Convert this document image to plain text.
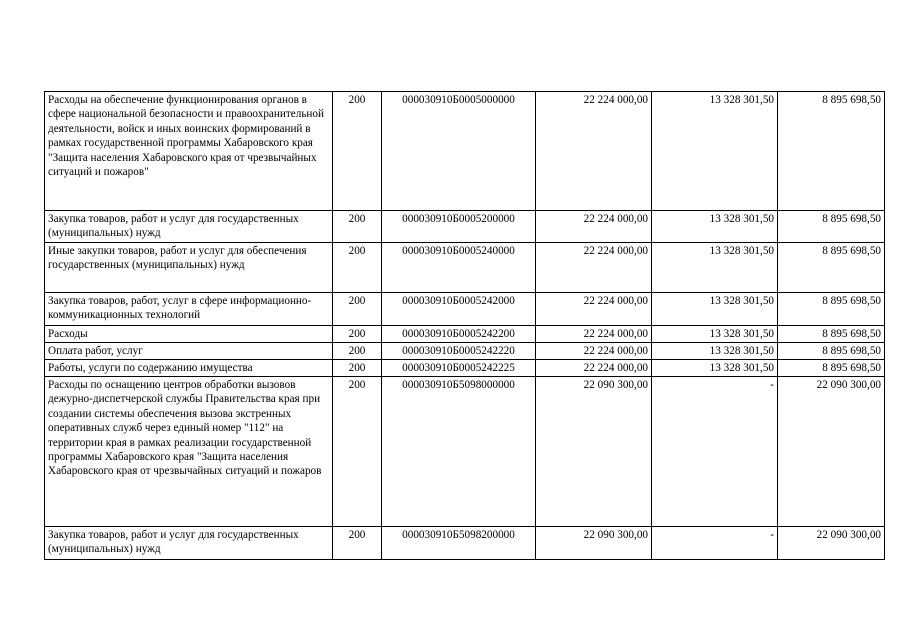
Расходы на обеспечение функционирования органов в сфере национальной безопасности и правоохранительной деятельности, войск и иных воинских формирований в рамках государственной программы Хабаровского края "Защита населения Хабаровского края от чрезвычайных ситуаций и пожаров"	200	000030910Б0005000000	22 224 000,00	13 328 301,50	8 895 698,50
Закупка товаров, работ и услуг для государственных (муниципальных) нужд	200	000030910Б0005200000	22 224 000,00	13 328 301,50	8 895 698,50
Иные закупки товаров, работ и услуг для обеспечения государственных (муниципальных) нужд	200	000030910Б0005240000	22 224 000,00	13 328 301,50	8 895 698,50
Закупка товаров, работ, услуг в сфере информационно-коммуникационных технологий	200	000030910Б0005242000	22 224 000,00	13 328 301,50	8 895 698,50
Расходы	200	000030910Б0005242200	22 224 000,00	13 328 301,50	8 895 698,50
Оплата работ, услуг	200	000030910Б0005242220	22 224 000,00	13 328 301,50	8 895 698,50
Работы, услуги по содержанию имущества	200	000030910Б0005242225	22 224 000,00	13 328 301,50	8 895 698,50
Расходы по оснащению центров обработки вызовов дежурно-диспетчерской службы Правительства края при создании системы обеспечения вызова экстренных оперативных служб через единый номер "112" на территории края в рамках реализации государственной программы Хабаровского края "Защита населения Хабаровского края от чрезвычайных ситуаций и пожаров	200	000030910Б5098000000	22 090 300,00	-	22 090 300,00
Закупка товаров, работ и услуг для государственных (муниципальных) нужд	200	000030910Б5098200000	22 090 300,00	-	22 090 300,00
